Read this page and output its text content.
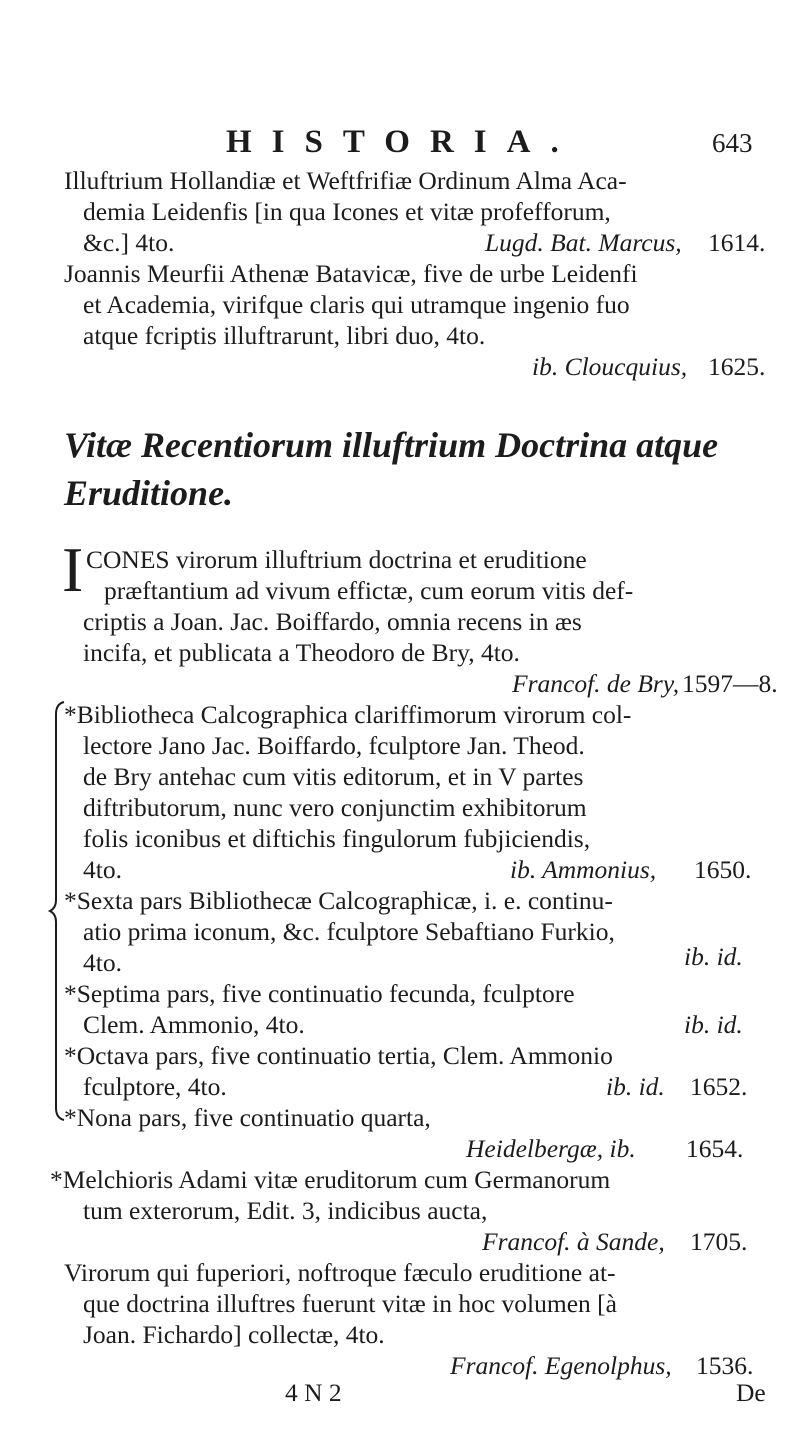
HISTORIA.	643
Illuftrium Hollandiæ et Weftfrifiæ Ordinum Alma Aca-
demia Leidenfis [in qua Icones et vitæ profefforum,
&c.] 4to.	Lugd. Bat. Marcus, 1614.
Joannis Meurfii Athenæ Batavicæ, five de urbe Leidenfi
et Academia, virifque claris qui utramque ingenio fuo
atque fcriptis illuftrarunt, libri duo, 4to.
ib. Cloucquius, 1625.
Vitæ Recentiorum illuftrium Doctrina atque
Eruditione.
I CONES virorum illuftrium doctrina et eruditione
præftantium ad vivum effictæ, cum eorum vitis def-
criptis a Joan. Jac. Boiffardo, omnia recens in æs
incifa, et publicata a Theodoro de Bry, 4to.
Francof. de Bry, 1597—8.
*Bibliotheca Calcographica clariffimorum virorum col-
lectore Jano Jac. Boiffardo, fculptore Jan. Theod.
de Bry antehac cum vitis editorum, et in V partes
diftributorum, nunc vero conjunctim exhibitorum
folis iconibus et diftichis fingulorum fubjiciendis,
4to.	ib. Ammonius, 1650.
*Sexta pars Bibliothecæ Calcographicæ, i. e. continu-
atio prima iconum, &c. fculptore Sebaftiano Furkio,
4to.	ib. id.
*Septima pars, five continuatio fecunda, fculptore
Clem. Ammonio, 4to.	ib. id.
*Octava pars, five continuatio tertia, Clem. Ammonio
fculptore, 4to.	ib. id. 1652.
*Nona pars, five continuatio quarta,
Heidelbergæ, ib. 1654.
*Melchioris Adami vitæ eruditorum cum Germanorum
tum exterorum, Edit. 3, indicibus aucta,
Francof. à Sande, 1705.
Virorum qui fuperiori, noftroque fæculo eruditione at-
que doctrina illuftres fuerunt vitæ in hoc volumen [à
Joan. Fichardo] collectæ, 4to.
Francof. Egenolphus, 1536.
4 N 2	De
